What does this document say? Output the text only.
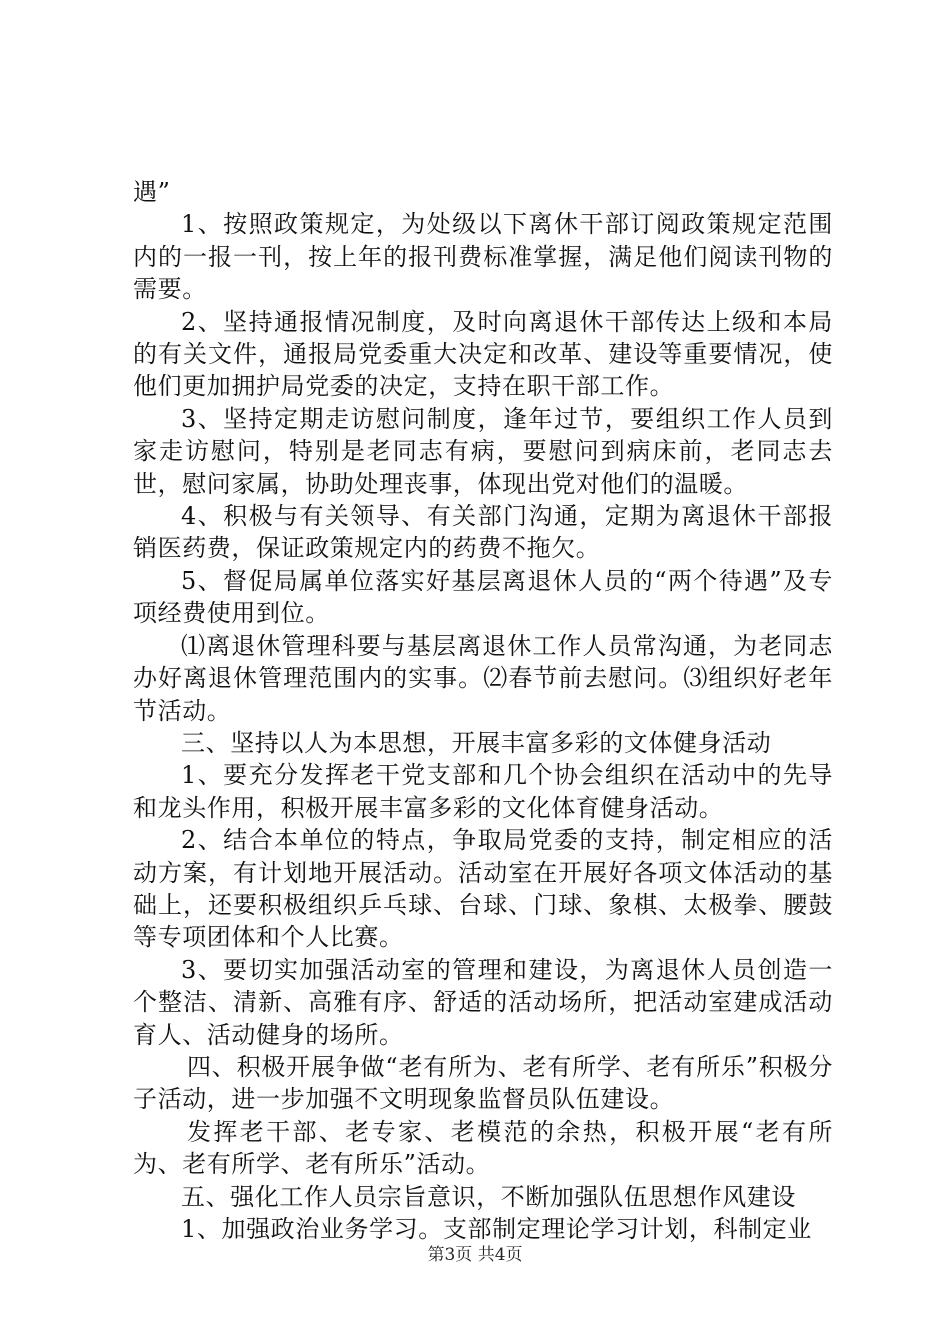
遇”

1、按照政策规定，为处级以下离休干部订阅政策规定范围内的一报一刊，按上年的报刊费标准掌握，满足他们阅读刊物的需要。

2、坚持通报情况制度，及时向离退休干部传达上级和本局的有关文件，通报局党委重大决定和改革、建设等重要情况，使他们更加拥护局党委的决定，支持在职干部工作。

3、坚持定期走访慰问制度，逢年过节，要组织工作人员到家走访慰问，特别是老同志有病，要慰问到病床前，老同志去世，慰问家属，协助处理丧事，体现出党对他们的温暖。

4、积极与有关领导、有关部门沟通，定期为离退休干部报销医药费，保证政策规定内的药费不拖欠。

5、督促局属单位落实好基层离退休人员的“两个待遇”及专项经费使用到位。

⑴离退休管理科要与基层离退休工作人员常沟通，为老同志办好离退休管理范围内的实事。⑵春节前去慰问。⑶组织好老年节活动。

三、坚持以人为本思想，开展丰富多彩的文体健身活动

1、要充分发挥老干党支部和几个协会组织在活动中的先导和龙头作用，积极开展丰富多彩的文化体育健身活动。

2、结合本单位的特点，争取局党委的支持，制定相应的活动方案，有计划地开展活动。活动室在开展好各项文体活动的基础上，还要积极组织乒乓球、台球、门球、象棋、太极拳、腰鼓等专项团体和个人比赛。

3、要切实加强活动室的管理和建设，为离退休人员创造一个整洁、清新、高雅有序、舒适的活动场所，把活动室建成活动育人、活动健身的场所。

四、积极开展争做“老有所为、老有所学、老有所乐”积极分子活动，进一步加强不文明现象监督员队伍建设。

发挥老干部、老专家、老模范的余热，积极开展“老有所为、老有所学、老有所乐”活动。

五、强化工作人员宗旨意识，不断加强队伍思想作风建设

1、加强政治业务学习。支部制定理论学习计划，科制定业

第3页 共4页
